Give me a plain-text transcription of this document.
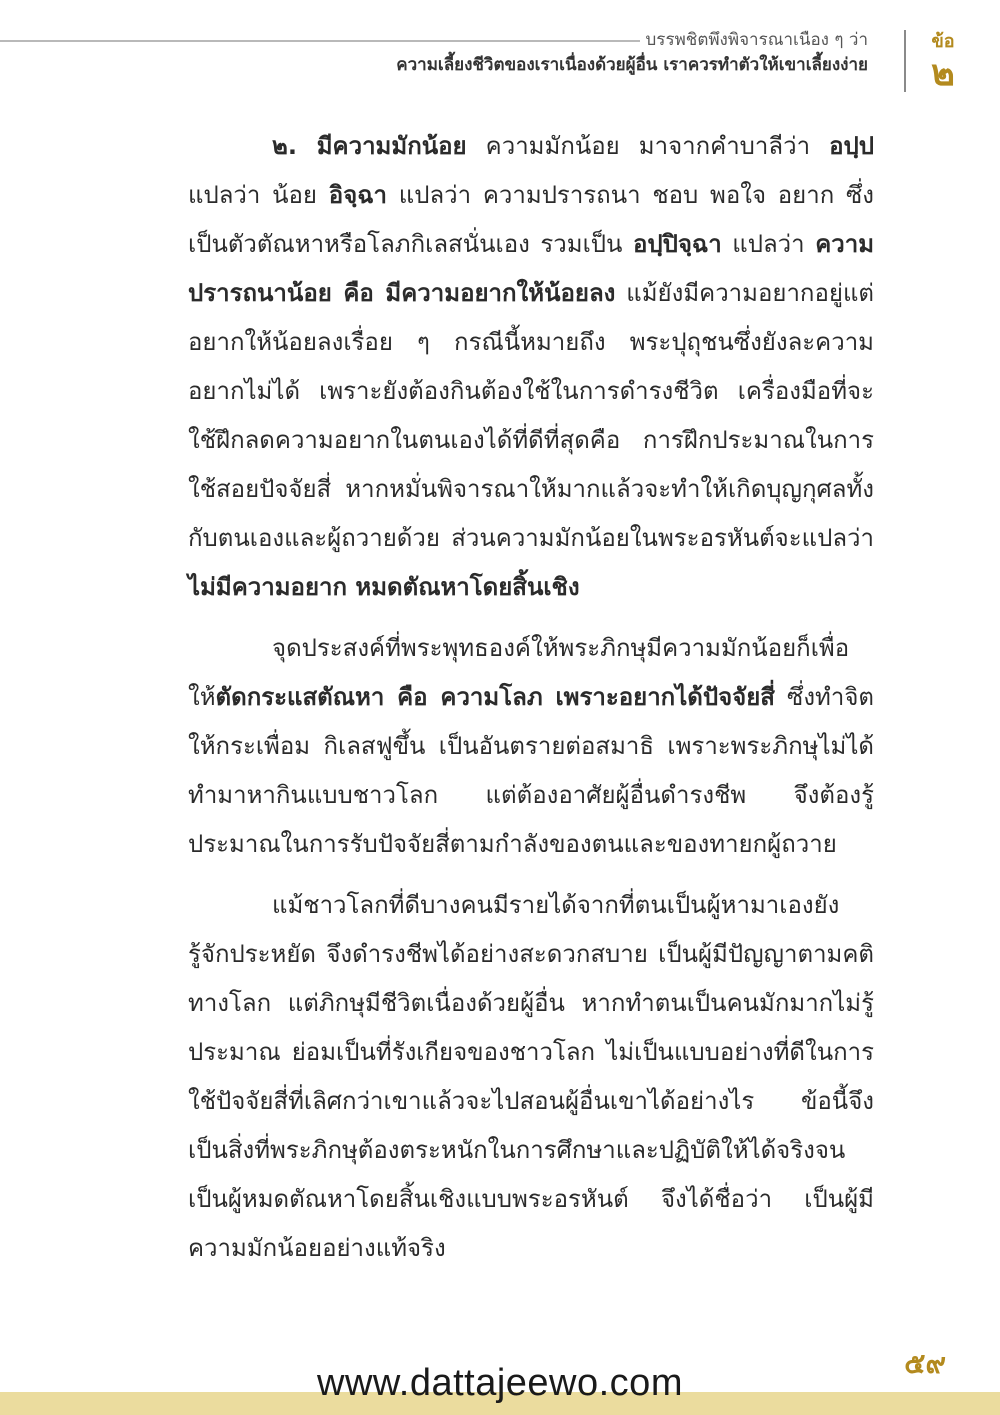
บรรพชิตพึงพิจารณาเนือง ๆ ว่า
ความเลี้ยงชีวิตของเราเนื่องด้วยผู้อื่น เราควรทำตัวให้เขาเลี้ยงง่าย
ข้อ
๒

๒. มีความมักน้อย ความมักน้อย มาจากคำบาลีว่า อปฺป แปลว่า น้อย อิจฺฉา แปลว่า ความปรารถนา ชอบ พอใจ อยาก ซึ่งเป็นตัวตัณหาหรือโลภกิเลสนั่นเอง รวมเป็น อปฺปิจฺฉา แปลว่า ความปรารถนาน้อย คือ มีความอยากให้น้อยลง แม้ยังมีความอยากอยู่แต่อยากให้น้อยลงเรื่อย ๆ กรณีนี้หมายถึง พระปุถุชนซึ่งยังละความอยากไม่ได้ เพราะยังต้องกินต้องใช้ในการดำรงชีวิต เครื่องมือที่จะใช้ฝึกลดความอยากในตนเองได้ที่ดีที่สุดคือ การฝึกประมาณในการใช้สอยปัจจัยสี่ หากหมั่นพิจารณาให้มากแล้วจะทำให้เกิดบุญกุศลทั้งกับตนเองและผู้ถวายด้วย ส่วนความมักน้อยในพระอรหันต์จะแปลว่า ไม่มีความอยาก หมดตัณหาโดยสิ้นเชิง

จุดประสงค์ที่พระพุทธองค์ให้พระภิกษุมีความมักน้อยก็เพื่อให้ตัดกระแสตัณหา คือ ความโลภ เพราะอยากได้ปัจจัยสี่ ซึ่งทำจิตให้กระเพื่อม กิเลสฟูขึ้น เป็นอันตรายต่อสมาธิ เพราะพระภิกษุไม่ได้ทำมาหากินแบบชาวโลก แต่ต้องอาศัยผู้อื่นดำรงชีพ จึงต้องรู้ประมาณในการรับปัจจัยสี่ตามกำลังของตนและของทายกผู้ถวาย

แม้ชาวโลกที่ดีบางคนมีรายได้จากที่ตนเป็นผู้หามาเองยังรู้จักประหยัด จึงดำรงชีพได้อย่างสะดวกสบาย เป็นผู้มีปัญญาตามคติทางโลก แต่ภิกษุมีชีวิตเนื่องด้วยผู้อื่น หากทำตนเป็นคนมักมากไม่รู้ประมาณ ย่อมเป็นที่รังเกียจของชาวโลก ไม่เป็นแบบอย่างที่ดีในการใช้ปัจจัยสี่ที่เลิศกว่าเขาแล้วจะไปสอนผู้อื่นเขาได้อย่างไร ข้อนี้จึงเป็นสิ่งที่พระภิกษุต้องตระหนักในการศึกษาและปฏิบัติให้ได้จริงจนเป็นผู้หมดตัณหาโดยสิ้นเชิงแบบพระอรหันต์ จึงได้ชื่อว่า เป็นผู้มีความมักน้อยอย่างแท้จริง

๕๙
www.dattajeewo.com
